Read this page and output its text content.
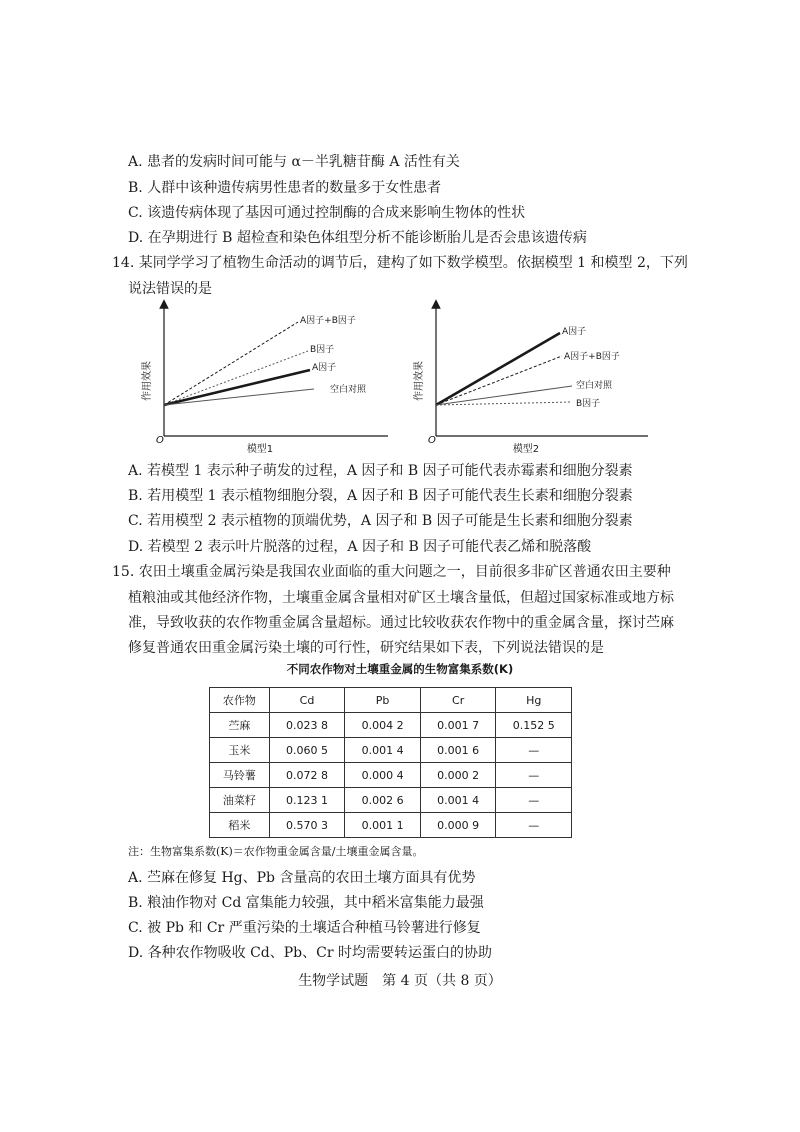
A. 患者的发病时间可能与 α－半乳糖苷酶 A 活性有关
B. 人群中该种遗传病男性患者的数量多于女性患者
C. 该遗传病体现了基因可通过控制酶的合成来影响生物体的性状
D. 在孕期进行 B 超检查和染色体组型分析不能诊断胎儿是否会患该遗传病
14. 某同学学习了植物生命活动的调节后，建构了如下数学模型。依据模型 1 和模型 2，下列
说法错误的是
作用效果
O
模型1
A因子+B因子
B因子
A因子
空白对照	作用效果
O
模型2
A因子
A因子+B因子
空白对照
B因子
A. 若模型 1 表示种子萌发的过程，A 因子和 B 因子可能代表赤霉素和细胞分裂素
B. 若用模型 1 表示植物细胞分裂，A 因子和 B 因子可能代表生长素和细胞分裂素
C. 若用模型 2 表示植物的顶端优势，A 因子和 B 因子可能是生长素和细胞分裂素
D. 若模型 2 表示叶片脱落的过程，A 因子和 B 因子可能代表乙烯和脱落酸
15. 农田土壤重金属污染是我国农业面临的重大问题之一，目前很多非矿区普通农田主要种
植粮油或其他经济作物，土壤重金属含量相对矿区土壤含量低，但超过国家标准或地方标
准，导致收获的农作物重金属含量超标。通过比较收获农作物中的重金属含量，探讨苎麻
修复普通农田重金属污染土壤的可行性，研究结果如下表，下列说法错误的是
不同农作物对土壤重金属的生物富集系数(K)
农作物	Cd	Pb	Cr	Hg
苎麻	0.023 8	0.004 2	0.001 7	0.152 5
玉米	0.060 5	0.001 4	0.001 6	—
马铃薯	0.072 8	0.000 4	0.000 2	—
油菜籽	0.123 1	0.002 6	0.001 4	—
稻米	0.570 3	0.001 1	0.000 9	—
注：生物富集系数(K)＝农作物重金属含量/土壤重金属含量。
A. 苎麻在修复 Hg、Pb 含量高的农田土壤方面具有优势
B. 粮油作物对 Cd 富集能力较强，其中稻米富集能力最强
C. 被 Pb 和 Cr 严重污染的土壤适合种植马铃薯进行修复
D. 各种农作物吸收 Cd、Pb、Cr 时均需要转运蛋白的协助
生物学试题　第 4 页（共 8 页）
